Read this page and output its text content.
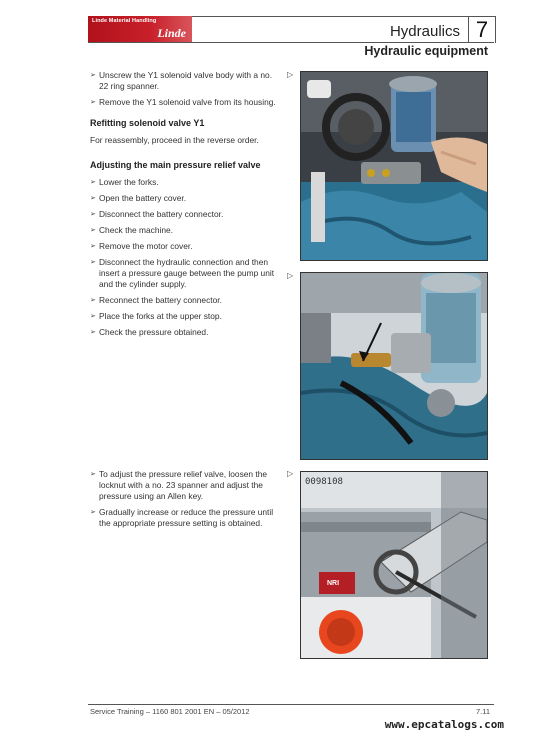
Linde Material Handling
Linde	Hydraulics 7
Hydraulic equipment
➢ Unscrew the Y1 solenoid valve body with a no. 22 ring spanner.
➢ Remove the Y1 solenoid valve from its housing.
Refitting solenoid valve Y1

For reassembly, proceed in the reverse order.

Adjusting the main pressure relief valve
➢ Lower the forks.
➢ Open the battery cover.
➢ Disconnect the battery connector.
➢ Check the machine.
➢ Remove the motor cover.
➢ Disconnect the hydraulic connection and then insert a pressure gauge between the pump unit and the cylinder supply.
➢ Reconnect the battery connector.
➢ Place the forks at the upper stop.
➢ Check the pressure obtained.
▷
▷
➢ To adjust the pressure relief valve, loosen the locknut with a no. 23 spanner and adjust the pressure using an Allen key.
➢ Gradually increase or reduce the pressure until the appropriate pressure setting is obtained.
▷
0098108
NRI
Service Training – 1160 801 2001 EN – 05/2012	7.11
www.epcatalogs.com
